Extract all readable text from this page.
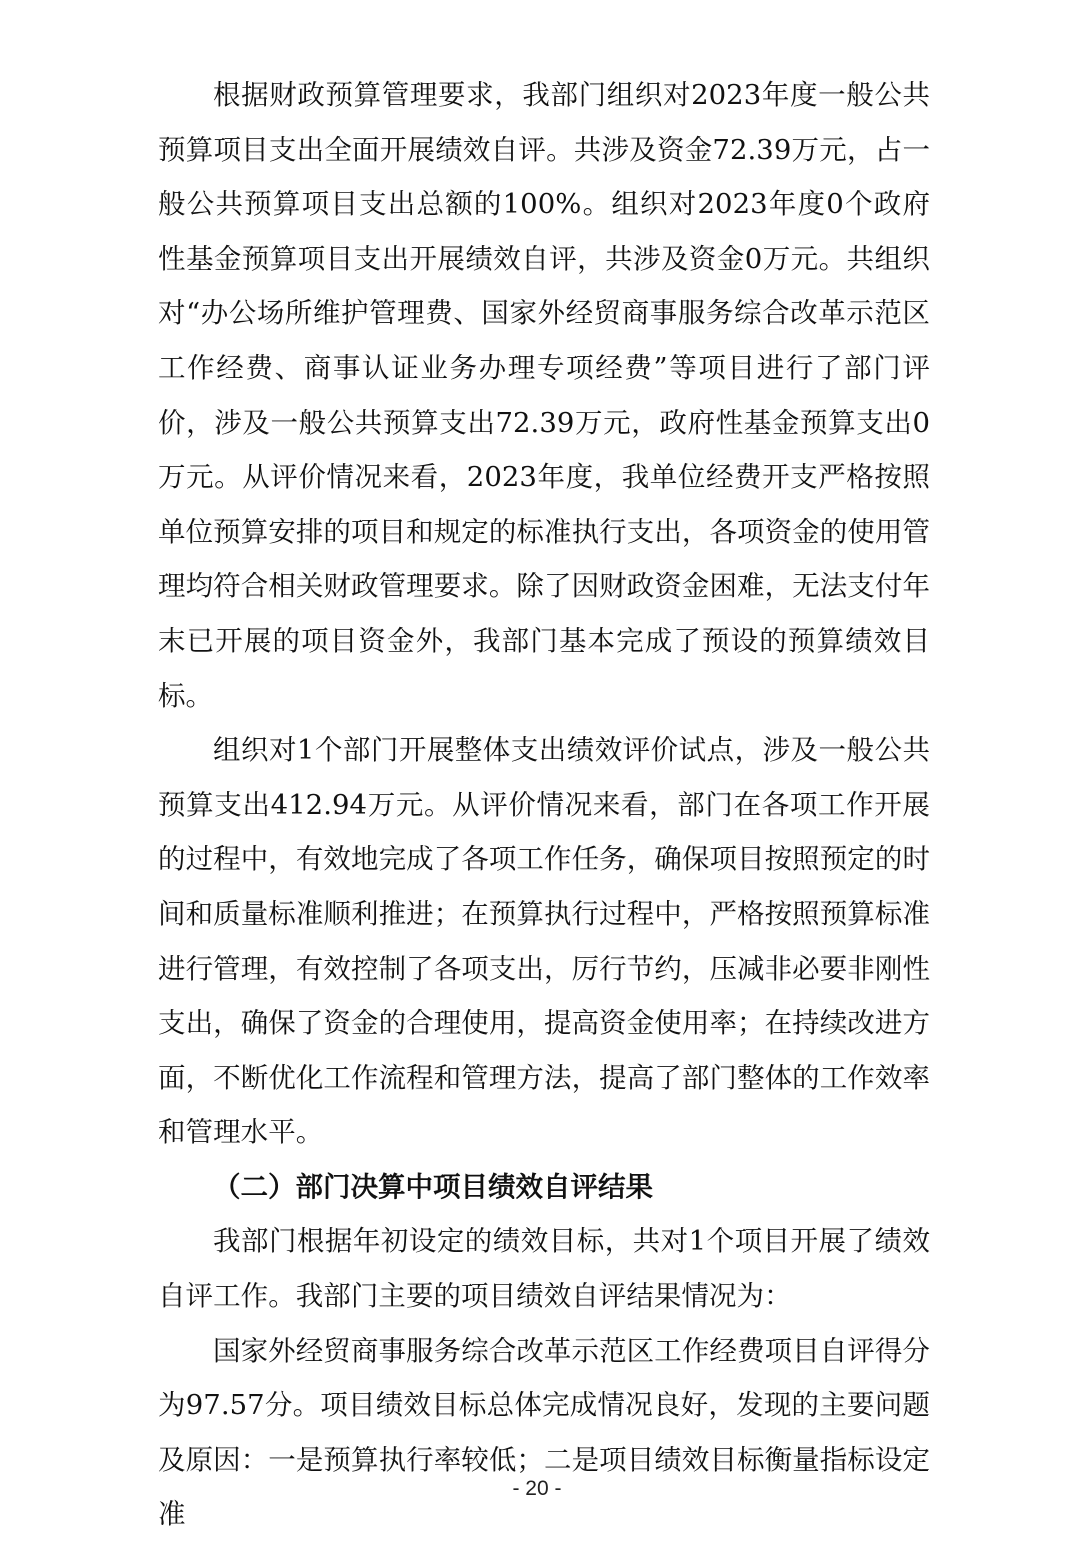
根据财政预算管理要求，我部门组织对2023年度一般公共预算项目支出全面开展绩效自评。共涉及资金72.39万元，占一般公共预算项目支出总额的100%。组织对2023年度0个政府性基金预算项目支出开展绩效自评，共涉及资金0万元。共组织对“办公场所维护管理费、国家外经贸商事服务综合改革示范区工作经费、商事认证业务办理专项经费”等项目进行了部门评价，涉及一般公共预算支出72.39万元，政府性基金预算支出0万元。从评价情况来看，2023年度，我单位经费开支严格按照单位预算安排的项目和规定的标准执行支出，各项资金的使用管理均符合相关财政管理要求。除了因财政资金困难，无法支付年末已开展的项目资金外，我部门基本完成了预设的预算绩效目标。

组织对1个部门开展整体支出绩效评价试点，涉及一般公共预算支出412.94万元。从评价情况来看，部门在各项工作开展的过程中，有效地完成了各项工作任务，确保项目按照预定的时间和质量标准顺利推进；在预算执行过程中，严格按照预算标准进行管理，有效控制了各项支出，厉行节约，压减非必要非刚性支出，确保了资金的合理使用，提高资金使用率；在持续改进方面，不断优化工作流程和管理方法，提高了部门整体的工作效率和管理水平。

（二）部门决算中项目绩效自评结果

我部门根据年初设定的绩效目标，共对1个项目开展了绩效自评工作。我部门主要的项目绩效自评结果情况为：

国家外经贸商事服务综合改革示范区工作经费项目自评得分为97.57分。项目绩效目标总体完成情况良好，发现的主要问题及原因：一是预算执行率较低；二是项目绩效目标衡量指标设定准

- 20 -
